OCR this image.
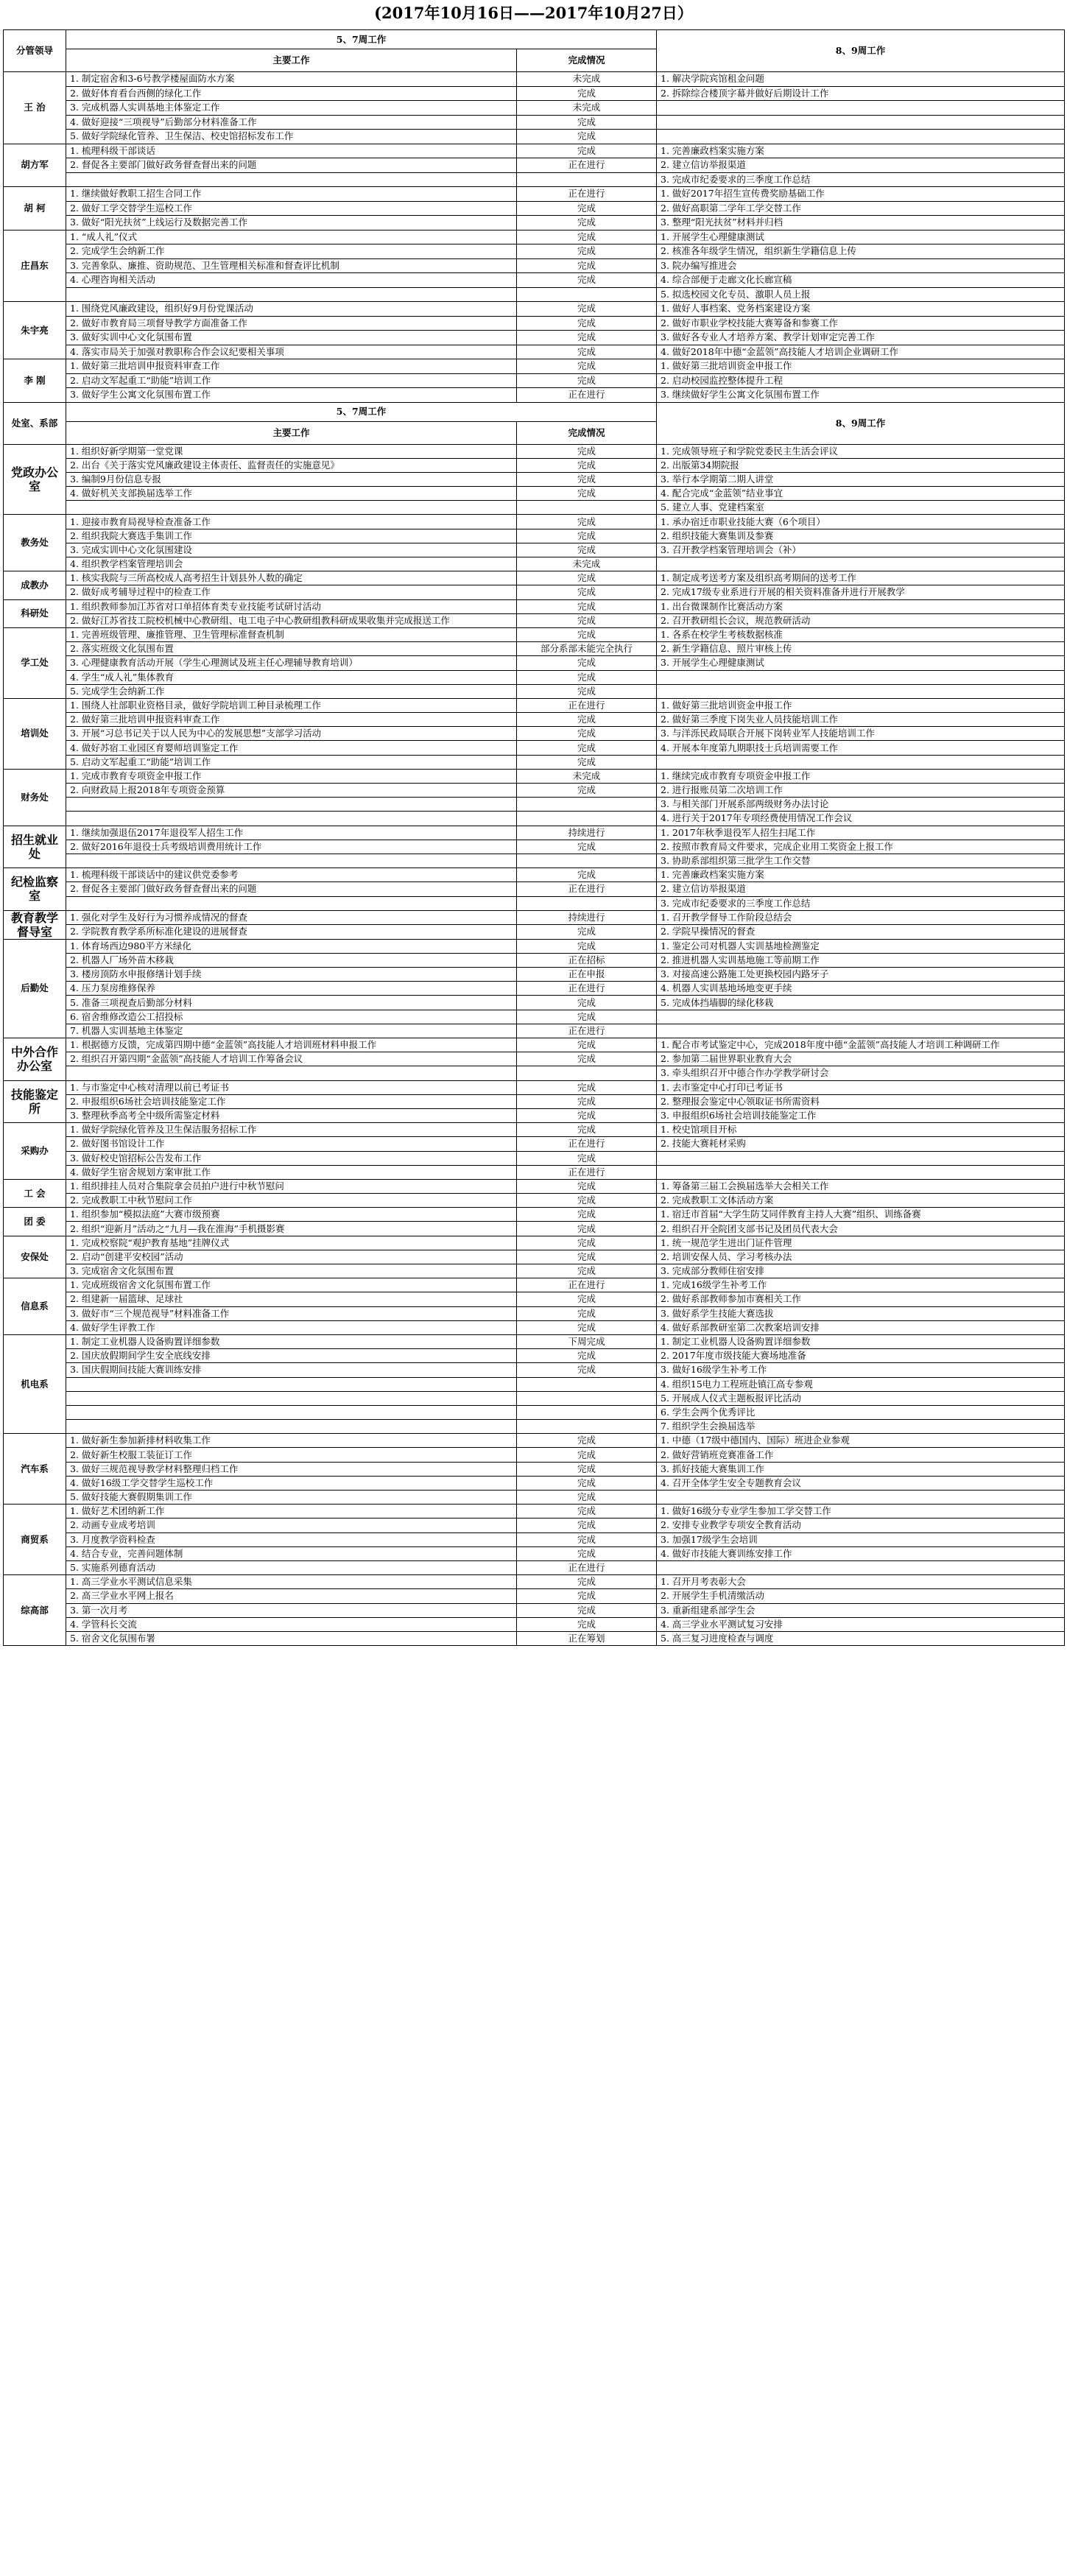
(2017年10月16日——2017年10月27日）
分管领导	5、7周工作		8、9周工作
	主要工作	完成情况	
王 治	1. 制定宿舍和3-6号教学楼屋面防水方案	未完成	1. 解决学院宾馆租金问题
	2. 做好体育看台西侧的绿化工作	完成	2. 拆除综合楼顶字幕并做好后期设计工作
	3. 完成机器人实训基地主体鉴定工作	未完成	
	4. 做好迎接“三项视导”后勤部分材料准备工作	完成	
	5. 做好学院绿化管养、卫生保洁、校史馆招标发布工作	完成	
胡方军	1. 梳理科级干部谈话	完成	1. 完善廉政档案实施方案
	2. 督促各主要部门做好政务督查督出来的问题	正在进行	2. 建立信访举报渠道
			3. 完成市纪委要求的三季度工作总结
胡 柯	1. 继续做好教职工招生合同工作	正在进行	1. 做好2017年招生宣传费奖励基础工作
	2. 做好工学交替学生巡校工作	完成	2. 做好高职第二学年工学交替工作
	3. 做好“阳光扶贫”上线运行及数据完善工作	完成	3. 整理“阳光扶贫”材料并归档
庄昌东	1. “成人礼”仪式	完成	1. 开展学生心理健康测试
	2. 完成学生会纳新工作	完成	2. 核准各年级学生情况，组织新生学籍信息上传
	3. 完善象队、廉推、资助规范、卫生管理相关标准和督查评比机制	完成	3. 院办编写推进会
	4. 心理咨询相关活动	完成	4. 综合部便于走廊文化长廊宣稿
			5. 拟选校园文化专员、激职人员上报
朱宇亮	1. 围绕党风廉政建设，组织好9月份党课活动	完成	1. 做好人事档案、党务档案建设方案
	2. 做好市教育局三项督导教学方面准备工作	完成	2. 做好市职业学校技能大赛筹备和参赛工作
	3. 做好实训中心文化氛围布置	完成	3. 做好各专业人才培养方案、教学计划审定完善工作
	4. 落实市局关于加强对教职称合作会议纪要相关事项	完成	4. 做好2018年中德“金蓝领”高技能人才培训企业调研工作
李 刚	1. 做好第三批培训申报资料审查工作	完成	1. 做好第三批培训资金申报工作
	2. 启动文军起重工“助能”培训工作	完成	2. 启动校园监控整体提升工程
	3. 做好学生公寓文化氛围布置工作	正在进行	3. 继续做好学生公寓文化氛围布置工作
处室、系部	5、7周工作		8、9周工作
	主要工作	完成情况	
党政办公室	1. 组织好新学期第一堂党课	完成	1. 完成领导班子和学院党委民主生活会评议
	2. 出台《关于落实党风廉政建设主体责任、监督责任的实施意见》	完成	2. 出版第34期院报
	3. 编制9月份信息专报	完成	3. 举行本学期第二期人讲堂
	4. 做好机关支部换届选举工作	完成	4. 配合完成“金蓝领”结业事宜
			5. 建立人事、党建档案室
教务处	1. 迎接市教育局视导检查准备工作	完成	1. 承办宿迁市职业技能大赛（6个项目）
	2. 组织我院大赛选手集训工作	完成	2. 组织技能大赛集训及参赛
	3. 完成实训中心文化氛围建设	完成	3. 召开教学档案管理培训会（补）
	4. 组织教学档案管理培训会	未完成	
成教办	1. 核实我院与三所高校成人高考招生计划县外人数的确定	完成	1. 制定成考送考方案及组织高考期间的送考工作
	2. 做好成考辅导过程中的检查工作	完成	2. 完成17级专业系进行开展的相关资料准备并进行开展教学
科研处	1. 组织教师参加江苏省对口单招体育类专业技能考试研讨活动	完成	1. 出台微课制作比赛活动方案
	2. 做好江苏省技工院校机械中心教研组、电工电子中心教研组教科研成果收集并完成报送工作	完成	2. 召开教研组长会议，规范教研活动
学工处	1. 完善班级管理、廉推管理、卫生管理标准督查机制	完成	1. 各系在校学生考核数据核准
	2. 落实班级文化氛围布置	部分系部未能完全执行	2. 新生学籍信息、照片审核上传
	3. 心理健康教育活动开展（学生心理测试及班主任心理辅导教育培训）	完成	3. 开展学生心理健康测试
	4. 学生“成人礼”集体教育	完成	
	5. 完成学生会纳新工作	完成	
培训处	1. 围绕人社部职业资格目录，做好学院培训工种目录梳理工作	正在进行	1. 做好第三批培训资金申报工作
	2. 做好第三批培训申报资料审查工作	完成	2. 做好第三季度下岗失业人员技能培训工作
	3. 开展“习总书记关于以人民为中心的发展思想”支部学习活动	完成	3. 与洋泺民政局联合开展下岗转业军人技能培训工作
	4. 做好苏宿工业园区育婴师培训鉴定工作	完成	4. 开展本年度第九期职技士兵培训需要工作
	5. 启动文军起重工“助能”培训工作	完成	
财务处	1. 完成市教育专项资金申报工作	未完成	1. 继续完成市教育专项资金申报工作
	2. 向财政局上报2018年专项资金预算	完成	2. 进行报账员第二次培训工作
			3. 与相关部门开展系部两级财务办法讨论
			4. 进行关于2017年专项经费使用情况工作会议
招生就业处	1. 继续加强退伍2017年退役军人招生工作	持续进行	1. 2017年秋季退役军人招生扫尾工作
	2. 做好2016年退役士兵考级培训费用统计工作	完成	2. 按照市教育局文件要求，完成企业用工奖资金上报工作
			3. 协助系部组织第三批学生工作交替
纪检监察室	1. 梳理科级干部谈话中的建议供党委参考	完成	1. 完善廉政档案实施方案
	2. 督促各主要部门做好政务督查督出来的问题	正在进行	2. 建立信访举报渠道
			3. 完成市纪委要求的三季度工作总结
教育教学督导室	1. 强化对学生及好行为习惯养成情况的督查	持续进行	1. 召开教学督导工作阶段总结会
	2. 学院教育教学系所标准化建设的进展督查	完成	2. 学院早操情况的督查
后勤处	1. 体育场西边980平方米绿化	完成	1. 鉴定公司对机器人实训基地检测鉴定
	2. 机器人厂场外苗木移栽	正在招标	2. 推进机器人实训基地施工等前期工作
	3. 楼房顶防水申报修缮计划手续	正在申报	3. 对接高速公路施工处更换校园内路牙子
	4. 压力泵房维修保养	正在进行	4. 机器人实训基地场地变更手续
	5. 准备三项视查后勤部分材料	完成	5. 完成体挡墙脚的绿化移栽
	6. 宿舍维修改造公工招投标	完成	
	7. 机器人实训基地主体鉴定	正在进行	
中外合作办公室	1. 根据德方反馈，完成第四期中德“金蓝领”高技能人才培训班材料申报工作	完成	1. 配合市考试鉴定中心，完成2018年度中德“金蓝领”高技能人才培训工种调研工作
	2. 组织召开第四期“金蓝领”高技能人才培训工作筹备会议	完成	2. 参加第二届世界职业教育大会
			3. 牵头组织召开中德合作办学教学研讨会
技能鉴定所	1. 与市鉴定中心核对清理以前已考证书	完成	1. 去市鉴定中心打印已考证书
	2. 申报组织6场社会培训技能鉴定工作	完成	2. 整理报会鉴定中心领取证书所需资料
	3. 整理秋季高考全中级所需鉴定材料	完成	3. 申报组织6场社会培训技能鉴定工作
采购办	1. 做好学院绿化管养及卫生保洁服务招标工作	完成	1. 校史馆项目开标
	2. 做好图书馆设计工作	正在进行	2. 技能大赛耗材采购
	3. 做好校史馆招标公告发布工作	完成	
	4. 做好学生宿舍规划方案审批工作	正在进行	
工 会	1. 组织排挂人员对合集院拿会员拍户进行中秋节慰问	完成	1. 筹备第三届工会换届选举大会相关工作
	2. 完成教职工中秋节慰问工作	完成	2. 完成教职工文体活动方案
团 委	1. 组织参加“模拟法庭”大赛市级预赛	完成	1. 宿迁市首届“大学生防艾同伴教育主持人大赛”组织、训练备赛
	2. 组织“迎新月”活动之“九月—我在淮海”手机摄影赛	完成	2. 组织召开全院团支部书记及团员代表大会
安保处	1. 完成校察院“观护教育基地”挂牌仪式	完成	1. 统一规范学生进出门证件管理
	2. 启动“创建平安校园”活动	完成	2. 培训安保人员、学习考核办法
	3. 完成宿舍文化氛围布置	完成	3. 完成部分教师住宿安排
信息系	1. 完成班级宿舍文化氛围布置工作	正在进行	1. 完成16级学生补考工作
	2. 组建新一届篮球、足球社	完成	2. 做好系部教师参加市赛相关工作
	3. 做好市“三个规范视导”材料准备工作	完成	3. 做好系学生技能大赛选拔
	4. 做好学生评教工作	完成	4. 做好系部教研室第二次教案培训安排
机电系	1. 制定工业机器人设备购置详细参数	下周完成	1. 制定工业机器人设备购置详细参数
	2. 国庆放假期间学生安全底线安排	完成	2. 2017年度市级技能大赛场地准备
	3. 国庆假期间技能大赛训练安排	完成	3. 做好16级学生补考工作
			4. 组织15电力工程班赴镇江高专参观
			5. 开展成人仪式主题板报评比活动
			6. 学生会两个优秀评比
			7. 组织学生会换届选举
汽车系	1. 做好新生参加新排材料收集工作	完成	1. 中德（17级中德国内、国际）班进企业参观
	2. 做好新生校服工装征订工作	完成	2. 做好营销班竞赛准备工作
	3. 做好三规范视导教学材料整理归档工作	完成	3. 抓好技能大赛集训工作
	4. 做好16级工学交替学生巡校工作	完成	4. 召开全体学生安全专题教育会议
	5. 做好技能大赛假期集训工作	完成	
商贸系	1. 做好艺术团纳新工作	完成	1. 做好16级分专业学生参加工学交替工作
	2. 动画专业成考培训	完成	2. 安排专业教学专项安全教育活动
	3. 月度教学资料检查	完成	3. 加强17级学生会培训
	4. 结合专业，完善问题体制	完成	4. 做好市技能大赛训练安排工作
	5. 实施系列德育活动	正在进行	
综高部	1. 高三学业水平测试信息采集	完成	1. 召开月考表彰大会
	2. 高三学业水平网上报名	完成	2. 开展学生手机清缴活动
	3. 第一次月考	完成	3. 重新组建系部学生会
	4. 学管科长交流	完成	4. 高三学业水平测试复习安排
	5. 宿舍文化氛围布署	正在筹划	5. 高三复习进度检查与调度
